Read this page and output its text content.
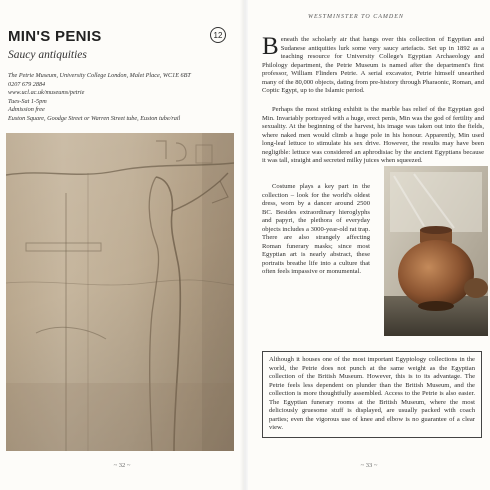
MIN'S PENIS	12
Saucy antiquities
The Petrie Museum, University College London, Malet Place, WC1E 6BT
0207 679 2884
www.ucl.ac.uk/museums/petrie
Tues-Sat 1-5pm
Admission free
Euston Square, Goodge Street or Warren Street tube, Euston tube/rail
~ 32 ~
WESTMINSTER TO CAMDEN

Beneath the scholarly air that hangs over this collection of Egyptian and Sudanese antiquities lurk some very saucy artefacts. Set up in 1892 as a teaching resource for University College's Egyptian Archaeology and Philology department, the Petrie Museum is named after the department's first professor, William Flinders Petrie. A serial excavator, Petrie himself unearthed many of the 80,000 objects, dating from pre-history through Pharaonic, Roman, and Coptic Egypt, up to the Islamic period.

Perhaps the most striking exhibit is the marble bas relief of the Egyptian god Min. Invariably portrayed with a huge, erect penis, Min was the god of fertility and sexuality. At the beginning of the harvest, his image was taken out into the fields, where naked men would climb a huge pole in his honour. Apparently, Min used long-leaf lettuce to stimulate his sex drive. However, the results may have been negligible: lettuce was considered an aphrodisiac by the ancient Egyptians because it was tall, straight and secreted milky juices when squeezed.

Costume plays a key part in the collection – look for the world's oldest dress, worn by a dancer around 2500 BC. Besides extraordinary hieroglyphs and papyri, the plethora of everyday objects includes a 3000-year-old rat trap. There are also strangely affecting Roman funerary masks; since most Egyptian art is nearly abstract, these portraits breathe life into a culture that often feels impassive or monumental.

Although it houses one of the most important Egyptology collections in the world, the Petrie does not punch at the same weight as the Egyptian collection of the British Museum. However, this is to its advantage. The Petrie feels less dependent on plunder than the British Museum, and the collection is more thoughtfully assembled. Access to the Petrie is also easier. The Egyptian funerary rooms at the British Museum, where the most deliciously gruesome stuff is displayed, are usually packed with coach parties; even the vigorous use of knee and elbow is no guarantee of a clear view.

~ 33 ~
